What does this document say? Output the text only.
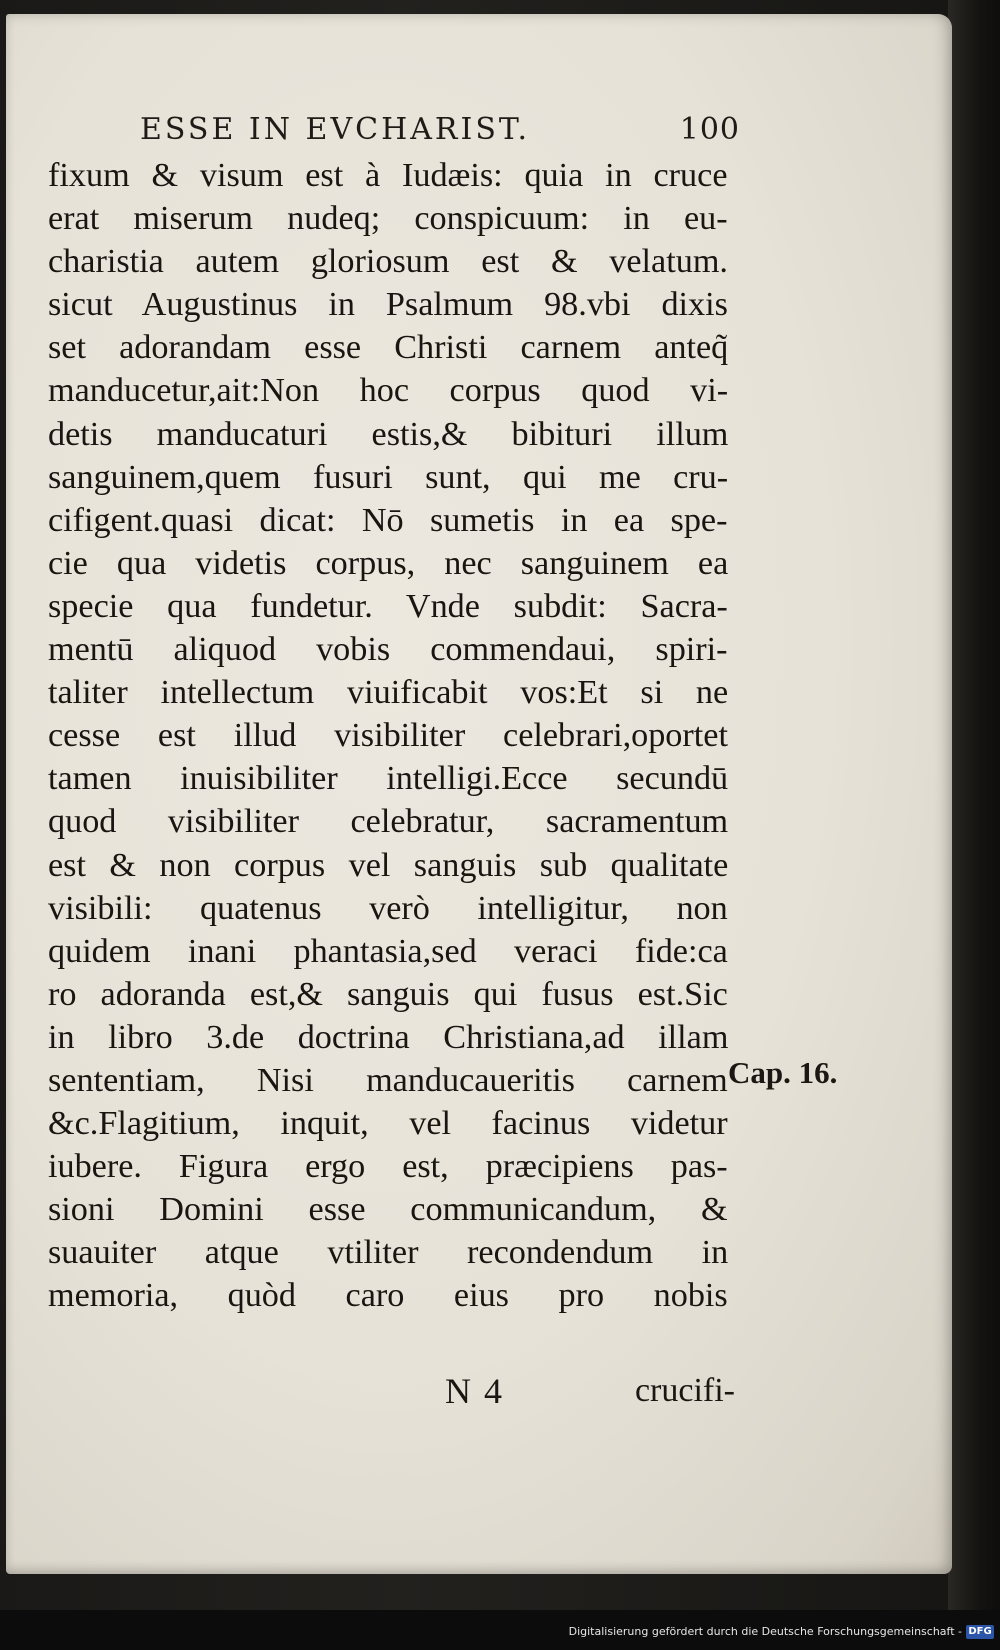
ESSE IN EVCHARIST.	100
fixum & visum est à Iudæis: quia in cruce
erat miserum nudeq; conspicuum: in eu-
charistia autem gloriosum est & velatum.
sicut Augustinus in Psalmum 98.vbi dixis
set adorandam esse Christi carnem anteq̃
manducetur,ait:Non hoc corpus quod vi-
detis manducaturi estis,& bibituri illum
sanguinem,quem fusuri sunt, qui me cru-
cifigent.quasi dicat: Nō sumetis in ea spe-
cie qua videtis corpus, nec sanguinem ea
specie qua fundetur. Vnde subdit: Sacra-
mentū aliquod vobis commendaui, spiri-
taliter intellectum viuificabit vos:Et si ne
cesse est illud visibiliter celebrari,oportet
tamen inuisibiliter intelligi.Ecce secundū
quod visibiliter celebratur, sacramentum
est & non corpus vel sanguis sub qualitate
visibili: quatenus verò intelligitur, non
quidem inani phantasia,sed veraci fide:ca
ro adoranda est,& sanguis qui fusus est.Sic
in libro 3.de doctrina Christiana,ad illam
sententiam, Nisi manducaueritis carnem
&c.Flagitium, inquit, vel facinus videtur
iubere. Figura ergo est, præcipiens pas-
sioni Domini esse communicandum, &
suauiter atque vtiliter recondendum in
memoria, quòd caro eius pro nobis
Cap. 16.
N 4	crucifi-
Digitalisierung gefördert durch die Deutsche Forschungsgemeinschaft - DFG
